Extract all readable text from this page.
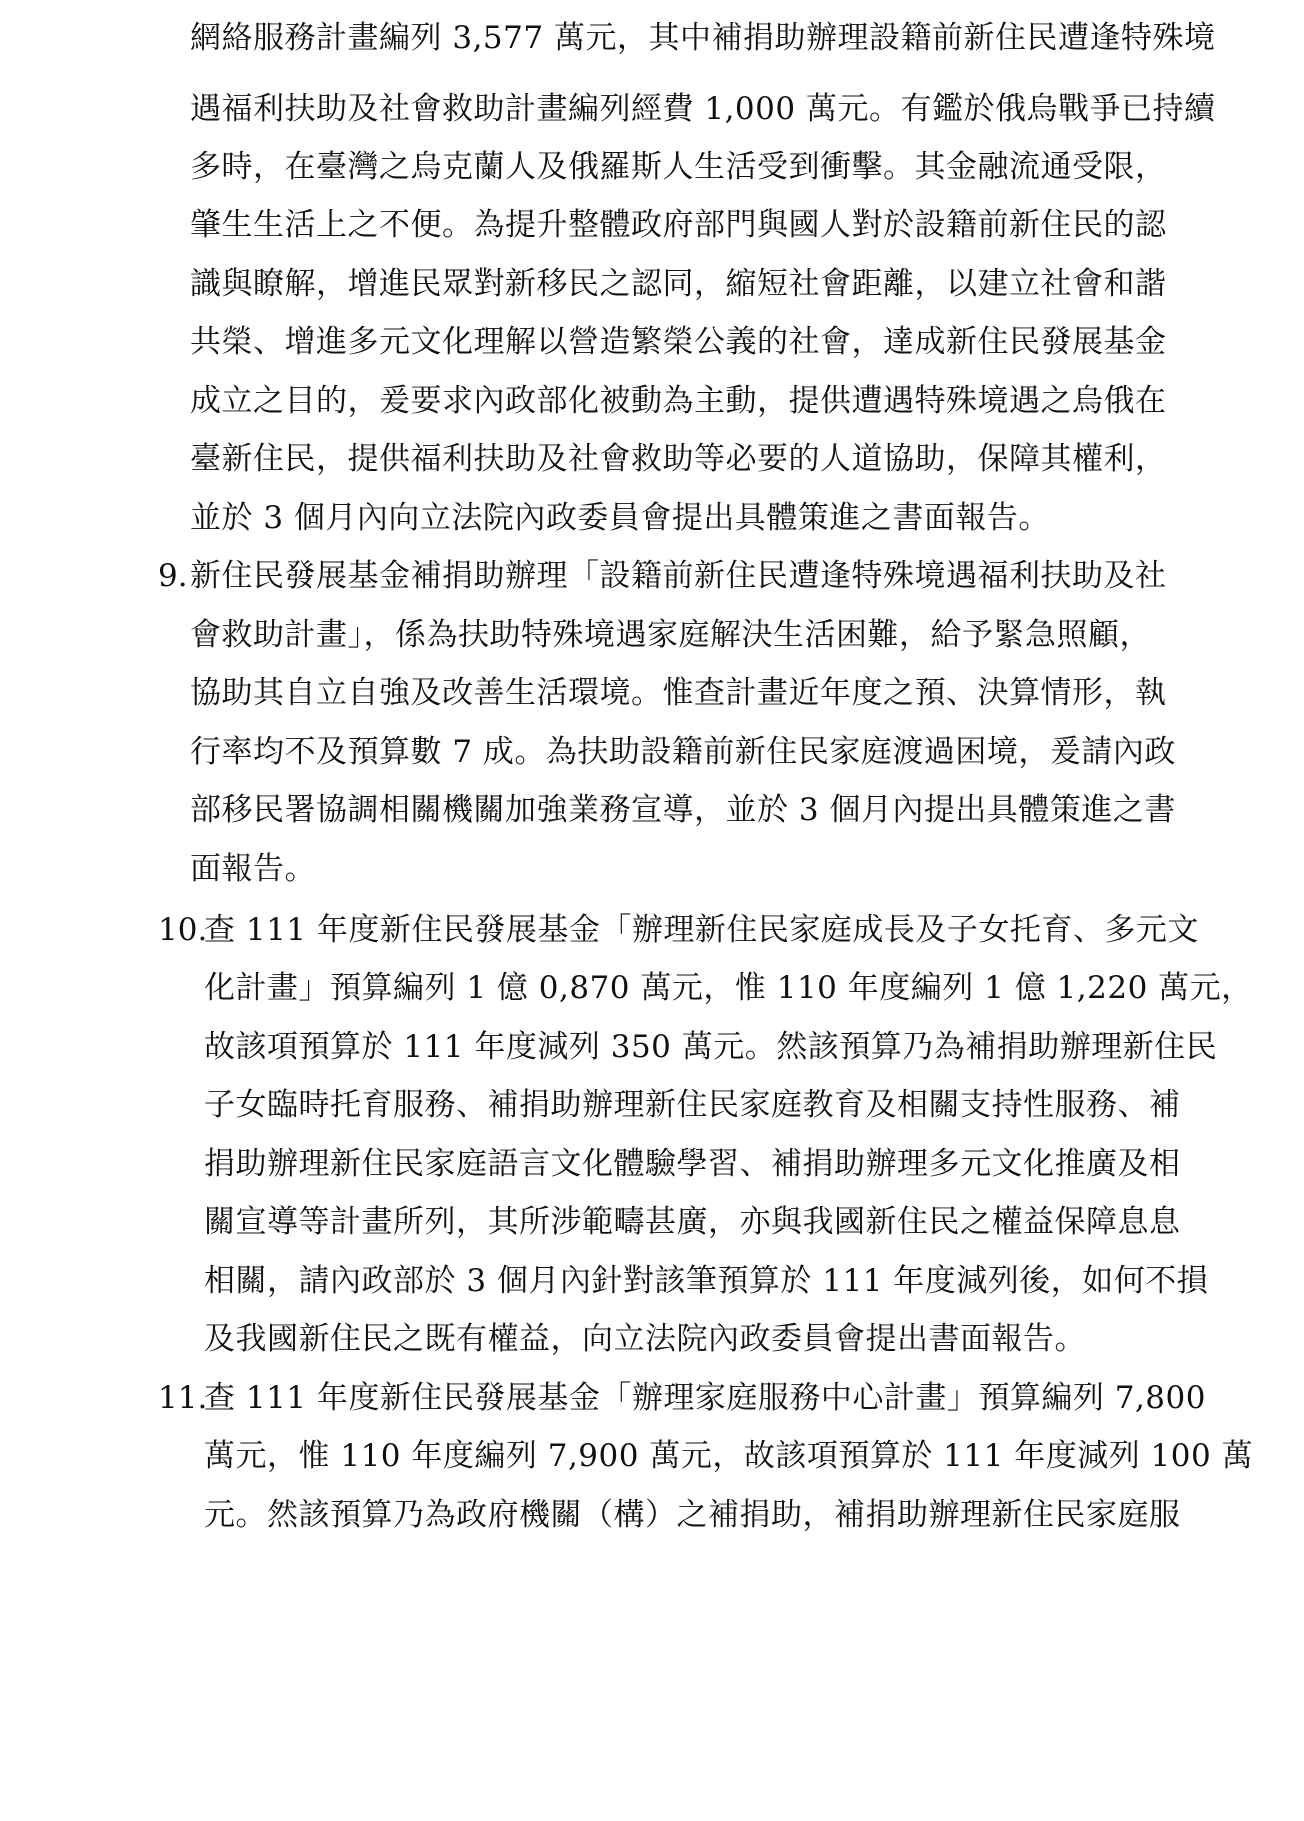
網絡服務計畫編列 3,577 萬元，其中補捐助辦理設籍前新住民遭逢特殊境
遇福利扶助及社會救助計畫編列經費 1,000 萬元。有鑑於俄烏戰爭已持續
多時，在臺灣之烏克蘭人及俄羅斯人生活受到衝擊。其金融流通受限，
肇生生活上之不便。為提升整體政府部門與國人對於設籍前新住民的認
識與瞭解，增進民眾對新移民之認同，縮短社會距離，以建立社會和諧
共榮、增進多元文化理解以營造繁榮公義的社會，達成新住民發展基金
成立之目的，爰要求內政部化被動為主動，提供遭遇特殊境遇之烏俄在
臺新住民，提供福利扶助及社會救助等必要的人道協助，保障其權利，
並於 3 個月內向立法院內政委員會提出具體策進之書面報告。
9. 新住民發展基金補捐助辦理「設籍前新住民遭逢特殊境遇福利扶助及社
會救助計畫」，係為扶助特殊境遇家庭解決生活困難，給予緊急照顧，
協助其自立自強及改善生活環境。惟查計畫近年度之預、決算情形，執
行率均不及預算數 7 成。為扶助設籍前新住民家庭渡過困境，爰請內政
部移民署協調相關機關加強業務宣導，並於 3 個月內提出具體策進之書
面報告。
10.
查 111 年度新住民發展基金「辦理新住民家庭成長及子女托育、多元文
化計畫」預算編列 1 億 0,870 萬元，惟 110 年度編列 1 億 1,220 萬元，
故該項預算於 111 年度減列 350 萬元。然該預算乃為補捐助辦理新住民
子女臨時托育服務、補捐助辦理新住民家庭教育及相關支持性服務、補
捐助辦理新住民家庭語言文化體驗學習、補捐助辦理多元文化推廣及相
關宣導等計畫所列，其所涉範疇甚廣，亦與我國新住民之權益保障息息
相關，請內政部於 3 個月內針對該筆預算於 111 年度減列後，如何不損
及我國新住民之既有權益，向立法院內政委員會提出書面報告。
11.
查 111 年度新住民發展基金「辦理家庭服務中心計畫」預算編列 7,800
萬元，惟 110 年度編列 7,900 萬元，故該項預算於 111 年度減列 100 萬
元。然該預算乃為政府機關（構）之補捐助，補捐助辦理新住民家庭服
